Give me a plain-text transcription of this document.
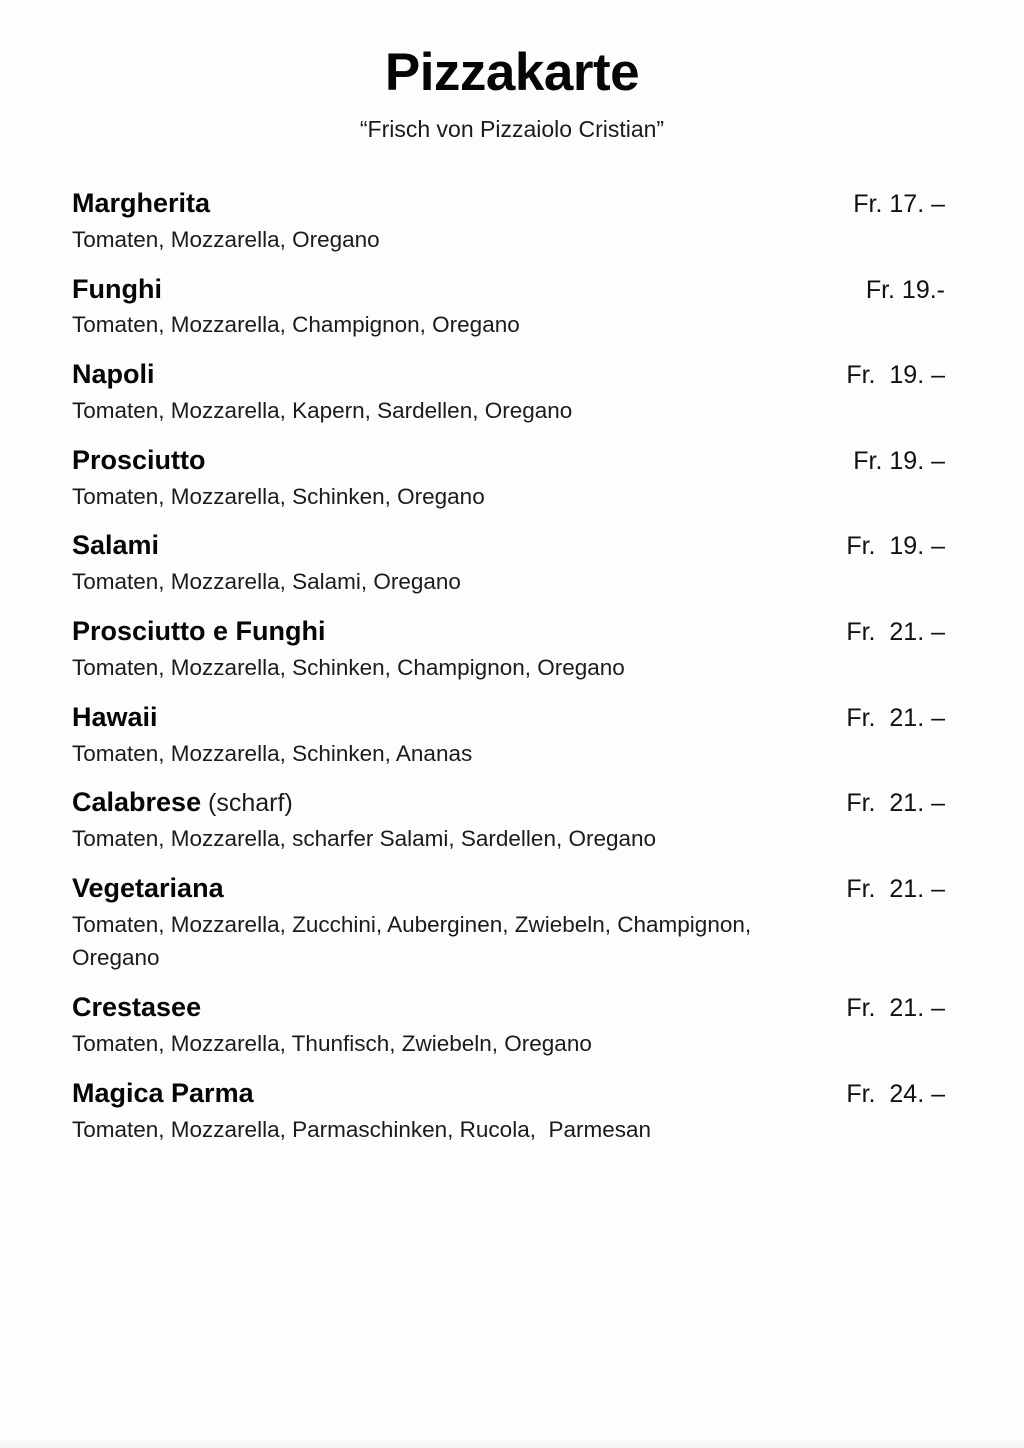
Pizzakarte

“Frisch von Pizzaiolo Cristian”

Margherita	Fr. 17. –
Tomaten, Mozzarella, Oregano
Funghi	Fr. 19.-
Tomaten, Mozzarella, Champignon, Oregano
Napoli	Fr.  19. –
Tomaten, Mozzarella, Kapern, Sardellen, Oregano
Prosciutto	Fr. 19. –
Tomaten, Mozzarella, Schinken, Oregano
Salami	Fr.  19. –
Tomaten, Mozzarella, Salami, Oregano
Prosciutto e Funghi	Fr.  21. –
Tomaten, Mozzarella, Schinken, Champignon, Oregano
Hawaii	Fr.  21. –
Tomaten, Mozzarella, Schinken, Ananas
Calabrese (scharf)	Fr.  21. –
Tomaten, Mozzarella, scharfer Salami, Sardellen, Oregano
Vegetariana	Fr.  21. –
Tomaten, Mozzarella, Zucchini, Auberginen, Zwiebeln, Champignon, Oregano
Crestasee	Fr.  21. –
Tomaten, Mozzarella, Thunfisch, Zwiebeln, Oregano
Magica Parma	Fr.  24. –
Tomaten, Mozzarella, Parmaschinken, Rucola,  Parmesan
